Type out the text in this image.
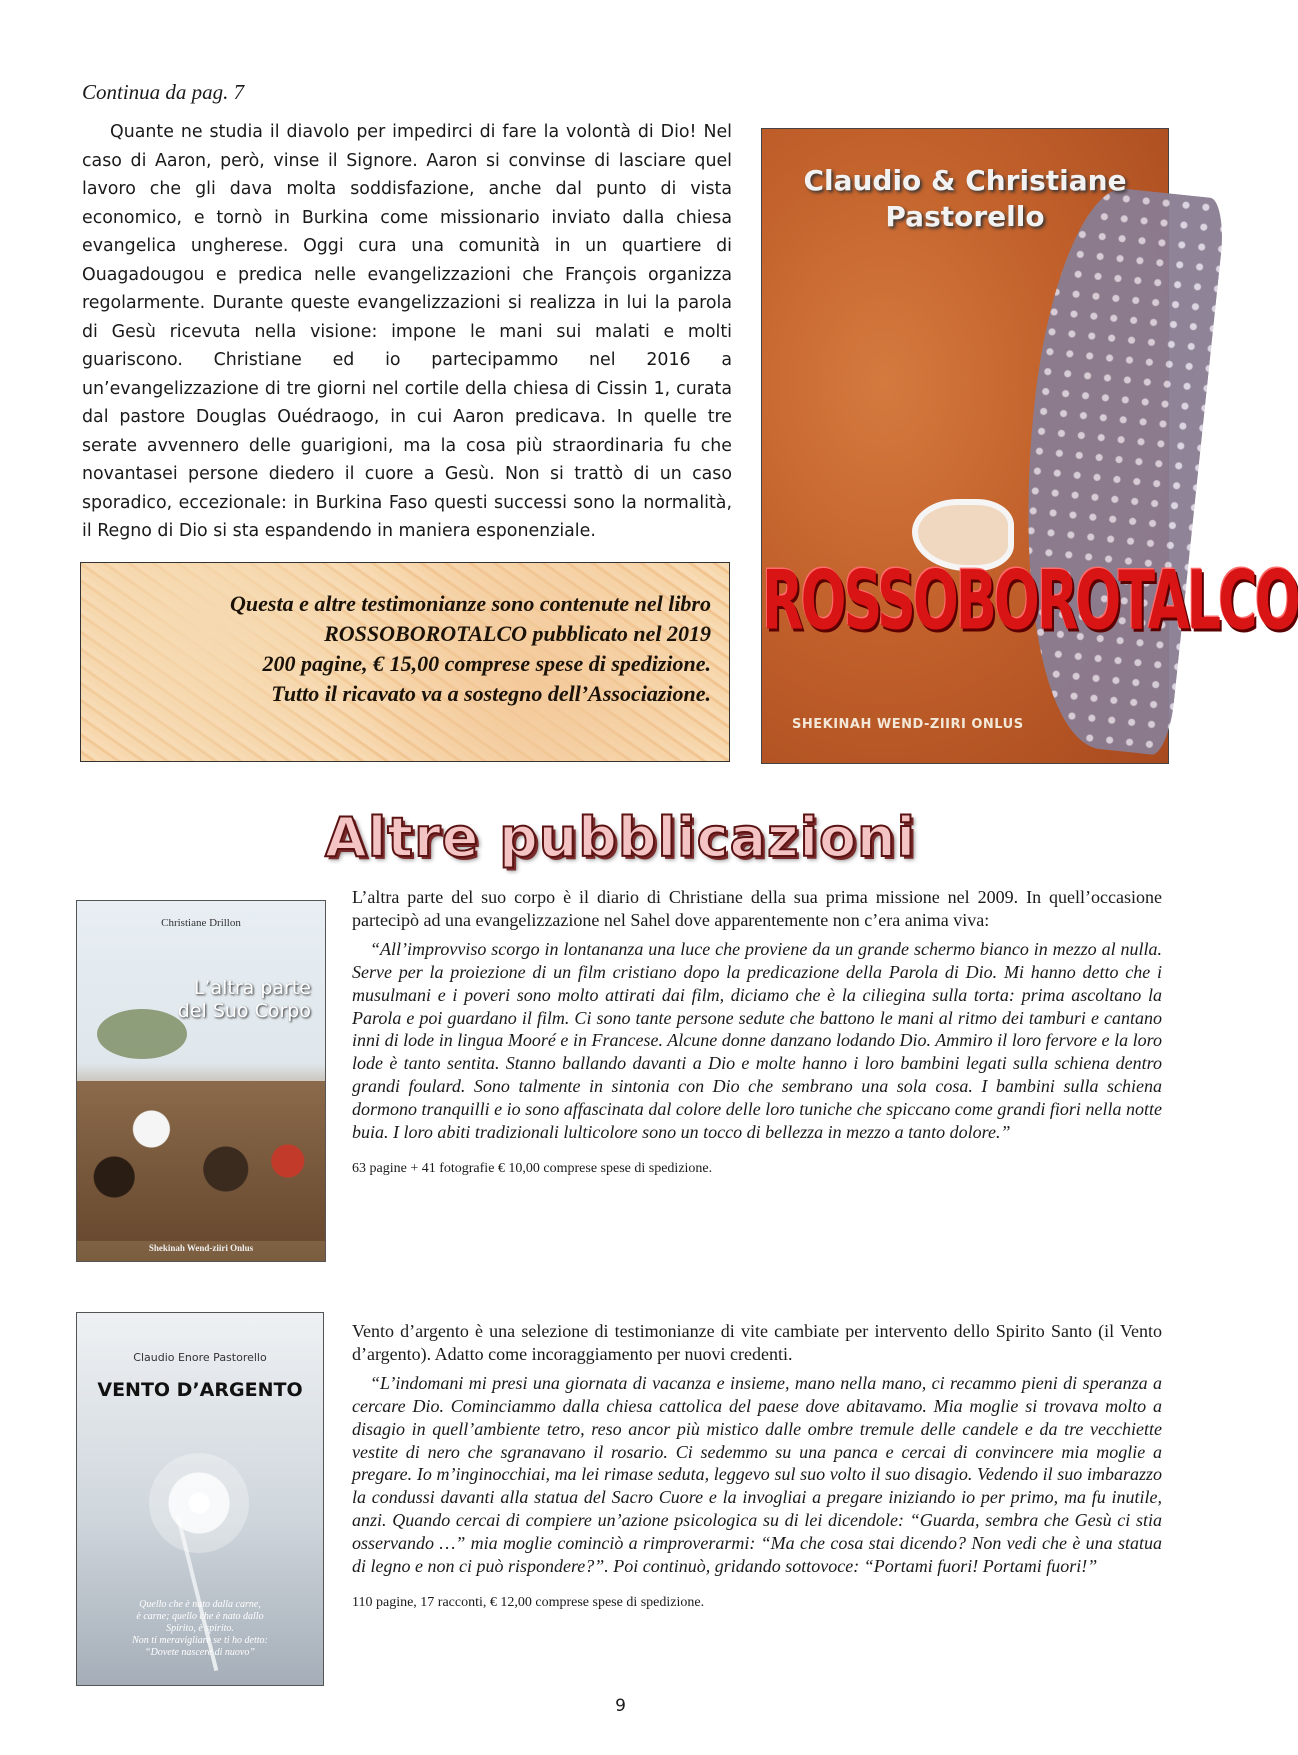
Continua da pag. 7

Quante ne studia il diavolo per impedirci di fare la volontà di Dio! Nel caso di Aaron, però, vinse il Signore. Aaron si convinse di lasciare quel lavoro che gli dava molta soddisfazione, anche dal punto di vista economico, e tornò in Burkina come missionario inviato dalla chiesa evangelica ungherese. Oggi cura una comunità in un quartiere di Ouagadougou e predica nelle evangelizzazioni che François organizza regolarmente. Durante queste evangelizzazioni si realizza in lui la parola di Gesù ricevuta nella visione: impone le mani sui malati e molti guariscono. Christiane ed io partecipammo nel 2016 a un’evangelizzazione di tre giorni nel cortile della chiesa di Cissin 1, curata dal pastore Douglas Ouédraogo, in cui Aaron predicava. In quelle tre serate avvennero delle guarigioni, ma la cosa più straordinaria fu che novantasei persone diedero il cuore a Gesù. Non si trattò di un caso sporadico, eccezionale: in Burkina Faso questi successi sono la normalità, il Regno di Dio si sta espandendo in maniera esponenziale.

Claudio & Christiane
Pastorello
ROSSOBOROTALCO
SHEKINAH WEND-ZIIRI ONLUS

Questa e altre testimonianze sono contenute nel libro

ROSSOBOROTALCO pubblicato nel 2019

200 pagine, € 15,00 comprese spese di spedizione.

Tutto il ricavato va a sostegno dell’Associazione.

Altre pubblicazioni
Christiane Drillon
L’altra parte
del Suo Corpo
Shekinah Wend-ziiri Onlus

L’altra parte del suo corpo è il diario di Christiane della sua prima missione nel 2009. In quell’occasione partecipò ad una evangelizzazione nel Sahel dove apparentemente non c’era anima viva:

“All’improvviso scorgo in lontananza una luce che proviene da un grande schermo bianco in mezzo al nulla. Serve per la proiezione di un film cristiano dopo la predicazione della Parola di Dio. Mi hanno detto che i musulmani e i poveri sono molto attirati dai film, diciamo che è la ciliegina sulla torta: prima ascoltano la Parola e poi guardano il film. Ci sono tante persone sedute che battono le mani al ritmo dei tamburi e cantano inni di lode in lingua Mooré e in Francese. Alcune donne danzano lodando Dio. Ammiro il loro fervore e la loro lode è tanto sentita. Stanno ballando davanti a Dio e molte hanno i loro bambini legati sulla schiena dentro grandi foulard. Sono talmente in sintonia con Dio che sembrano una sola cosa. I bambini sulla schiena dormono tranquilli e io sono affascinata dal colore delle loro tuniche che spiccano come grandi fiori nella notte buia. I loro abiti tradizionali lulticolore sono un tocco di bellezza in mezzo a tanto dolore.”

63 pagine + 41 fotografie € 10,00 comprese spese di spedizione.
Claudio Enore Pastorello
VENTO D’ARGENTO
Quello che è nato dalla carne,
è carne; quello che è nato dallo
Spirito, è spirito.
Non ti meravigliare se ti ho detto:
“Dovete nascere di nuovo”

Vento d’argento è una selezione di testimonianze di vite cambiate per intervento dello Spirito Santo (il Vento d’argento). Adatto come incoraggiamento per nuovi credenti.

“L’indomani mi presi una giornata di vacanza e insieme, mano nella mano, ci recammo pieni di speranza a cercare Dio. Cominciammo dalla chiesa cattolica del paese dove abitavamo. Mia moglie si trovava molto a disagio in quell’ambiente tetro, reso ancor più mistico dalle ombre tremule delle candele e da tre vecchiette vestite di nero che sgranavano il rosario. Ci sedemmo su una panca e cercai di convincere mia moglie a pregare. Io m’inginocchiai, ma lei rimase seduta, leggevo sul suo volto il suo disagio. Vedendo il suo imbarazzo la condussi davanti alla statua del Sacro Cuore e la invogliai a pregare iniziando io per primo, ma fu inutile, anzi. Quando cercai di compiere un’azione psicologica su di lei dicendole: “Guarda, sembra che Gesù ci stia osservando …” mia moglie cominciò a rimproverarmi: “Ma che cosa stai dicendo? Non vedi che è una statua di legno e non ci può rispondere?”. Poi continuò, gridando sottovoce: “Portami fuori! Portami fuori!”

110 pagine, 17 racconti, € 12,00 comprese spese di spedizione.
9
